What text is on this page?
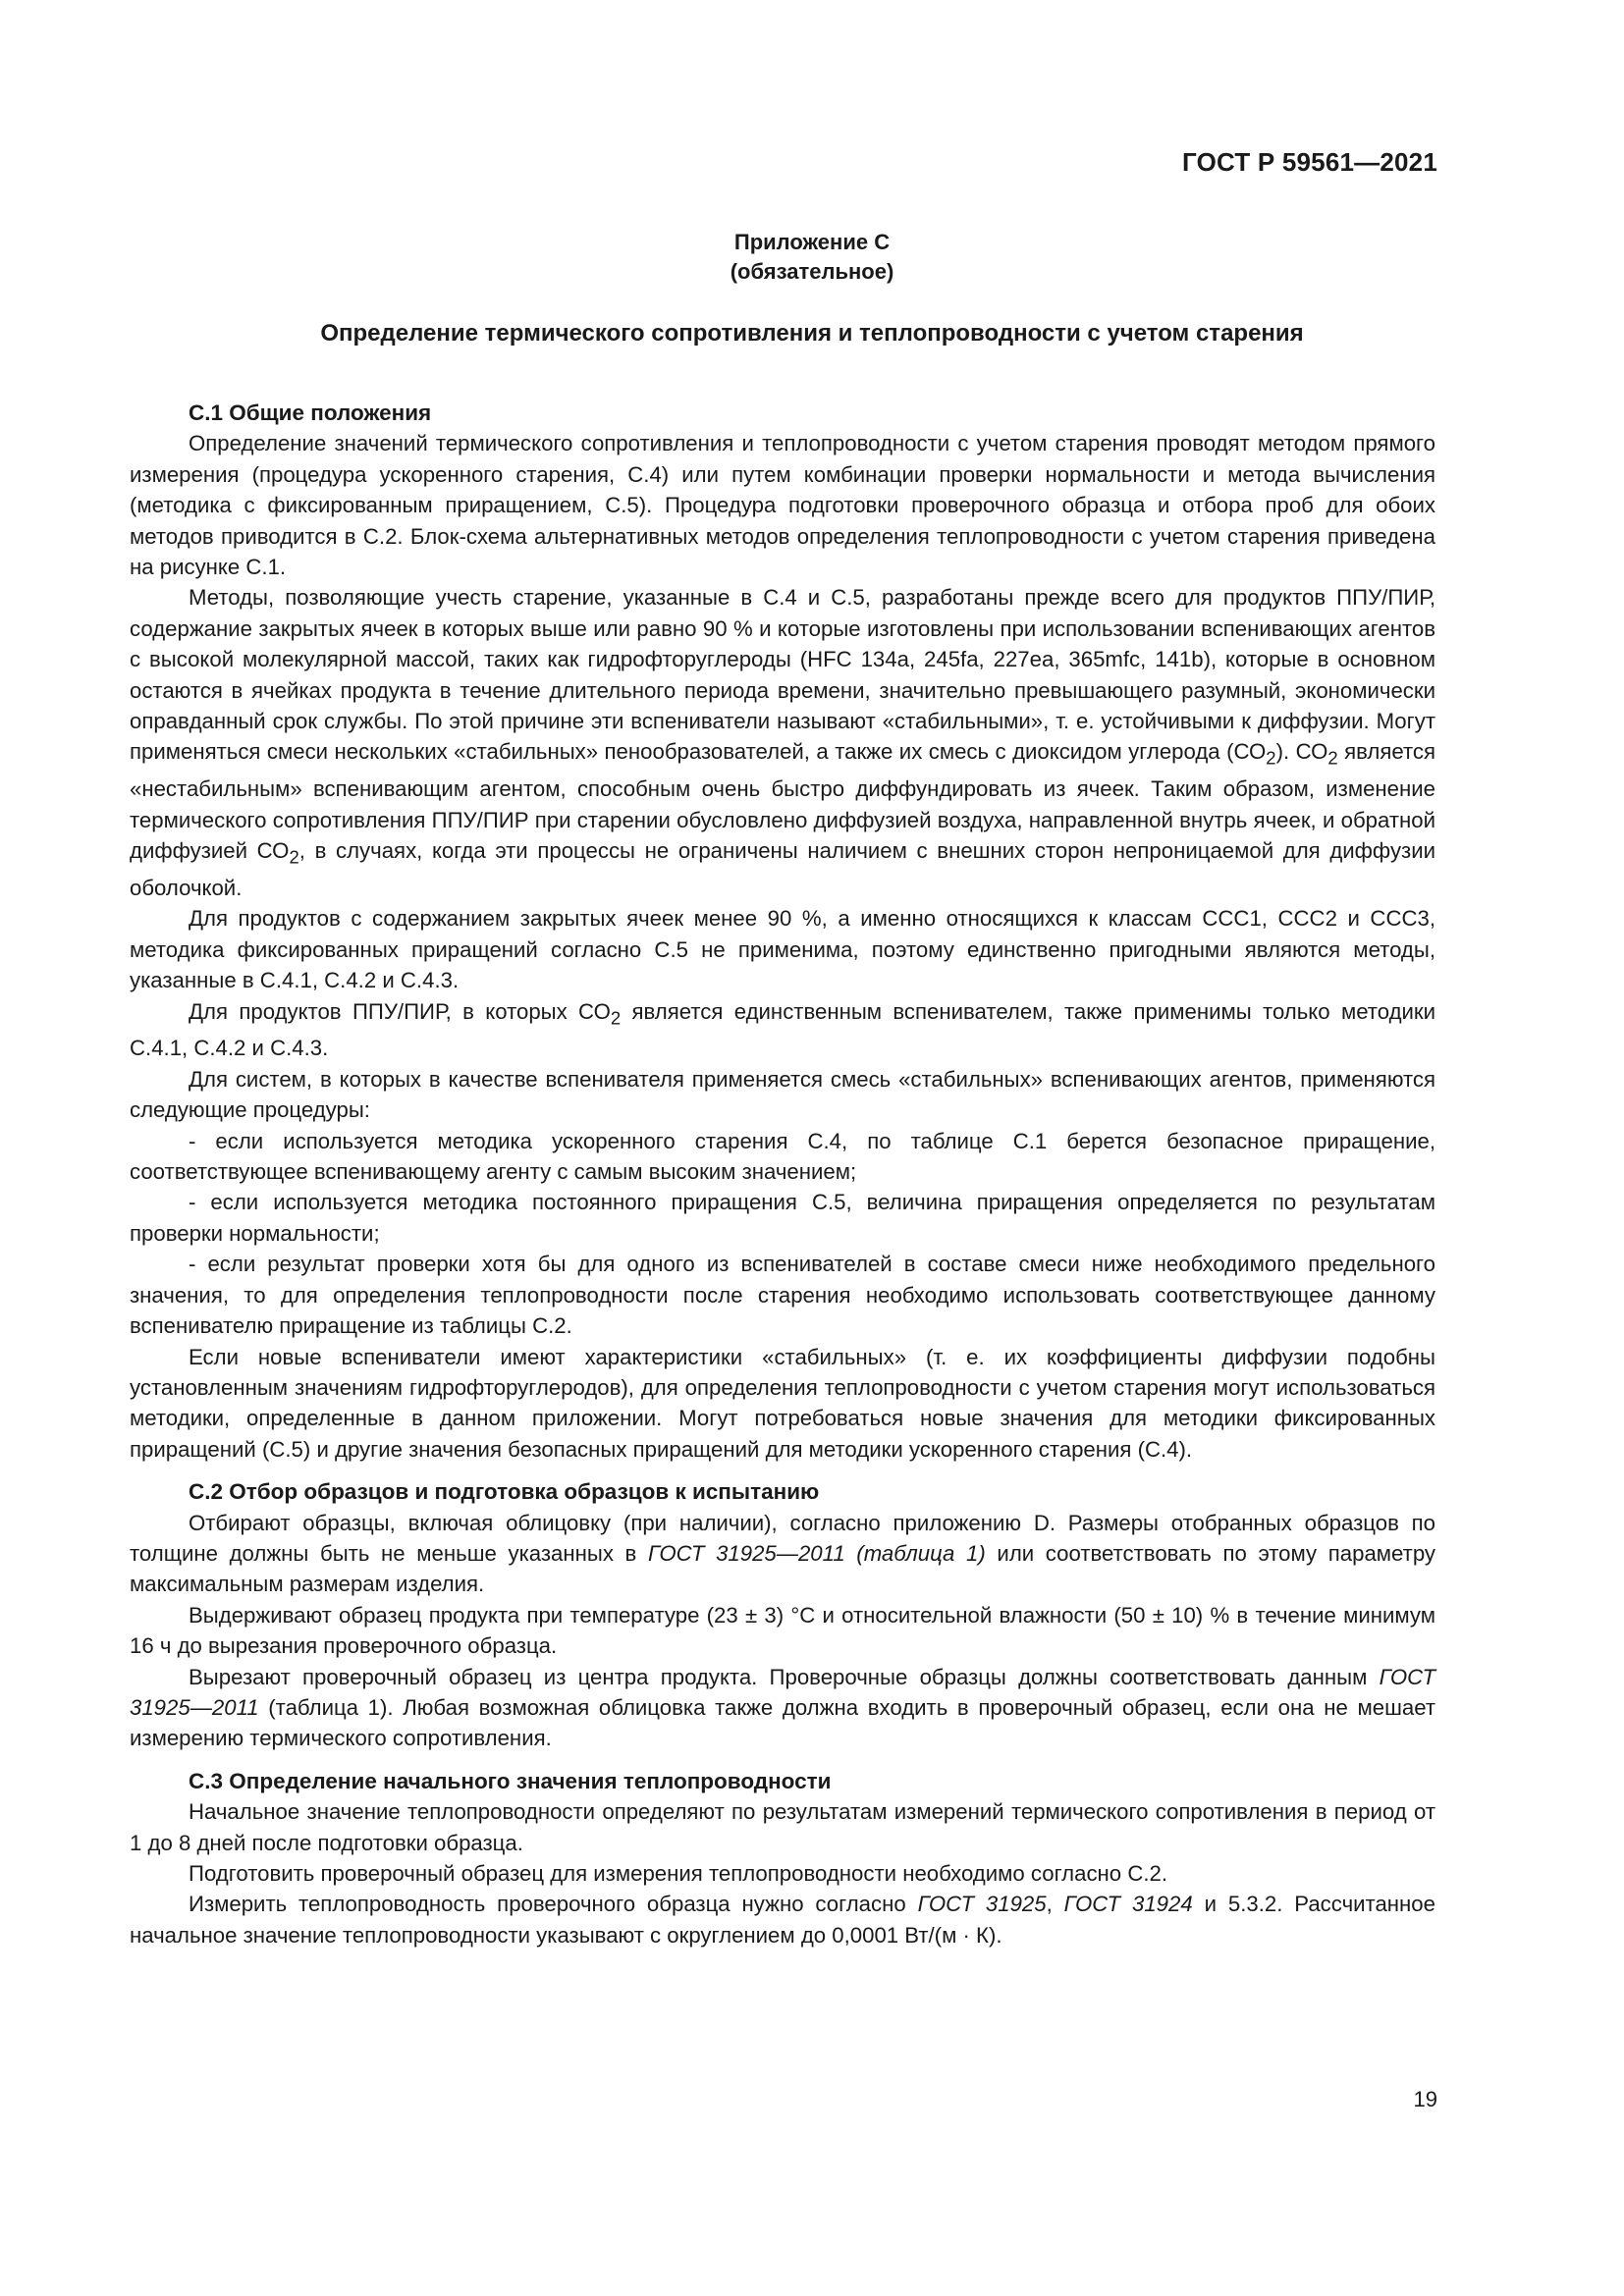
ГОСТ Р 59561—2021
Приложение С
(обязательное)
Определение термического сопротивления и теплопроводности с учетом старения
С.1 Общие положения

Определение значений термического сопротивления и теплопроводности с учетом старения проводят методом прямого измерения (процедура ускоренного старения, С.4) или путем комбинации проверки нормальности и метода вычисления (методика с фиксированным приращением, С.5). Процедура подготовки проверочного образца и отбора проб для обоих методов приводится в С.2. Блок-схема альтернативных методов определения теплопроводности с учетом старения приведена на рисунке С.1.

Методы, позволяющие учесть старение, указанные в С.4 и С.5, разработаны прежде всего для продуктов ППУ/ПИР, содержание закрытых ячеек в которых выше или равно 90 % и которые изготовлены при использовании вспенивающих агентов с высокой молекулярной массой, таких как гидрофторуглероды (HFC 134a, 245fa, 227ea, 365mfc, 141b), которые в основном остаются в ячейках продукта в течение длительного периода времени, значительно превышающего разумный, экономически оправданный срок службы. По этой причине эти вспениватели называют «стабильными», т. е. устойчивыми к диффузии. Могут применяться смеси нескольких «стабильных» пенообразователей, а также их смесь с диоксидом углерода $(СО_2)$. $СО_2$ является «нестабильным» вспенивающим агентом, способным очень быстро диффундировать из ячеек. Таким образом, изменение термического сопротивления ППУ/ПИР при старении обусловлено диффузией воздуха, направленной внутрь ячеек, и обратной диффузией $СО_2$, в случаях, когда эти процессы не ограничены наличием с внешних сторон непроницаемой для диффузии оболочкой.

Для продуктов с содержанием закрытых ячеек менее 90 %, а именно относящихся к классам ССС1, ССС2 и ССС3, методика фиксированных приращений согласно С.5 не применима, поэтому единственно пригодными являются методы, указанные в С.4.1, С.4.2 и С.4.3.

Для продуктов ППУ/ПИР, в которых $СО_2$ является единственным вспенивателем, также применимы только методики С.4.1, С.4.2 и С.4.3.

Для систем, в которых в качестве вспенивателя применяется смесь «стабильных» вспенивающих агентов, применяются следующие процедуры:

- если используется методика ускоренного старения С.4, по таблице С.1 берется безопасное приращение, соответствующее вспенивающему агенту с самым высоким значением;

- если используется методика постоянного приращения С.5, величина приращения определяется по результатам проверки нормальности;

- если результат проверки хотя бы для одного из вспенивателей в составе смеси ниже необходимого предельного значения, то для определения теплопроводности после старения необходимо использовать соответствующее данному вспенивателю приращение из таблицы С.2.

Если новые вспениватели имеют характеристики «стабильных» (т. е. их коэффициенты диффузии подобны установленным значениям гидрофторуглеродов), для определения теплопроводности с учетом старения могут использоваться методики, определенные в данном приложении. Могут потребоваться новые значения для методики фиксированных приращений (С.5) и другие значения безопасных приращений для методики ускоренного старения (С.4).

С.2 Отбор образцов и подготовка образцов к испытанию

Отбирают образцы, включая облицовку (при наличии), согласно приложению D. Размеры отобранных образцов по толщине должны быть не меньше указанных в ГОСТ 31925—2011 (таблица 1) или соответствовать по этому параметру максимальным размерам изделия.

Выдерживают образец продукта при температуре (23 ± 3) °С и относительной влажности (50 ± 10) % в течение минимум 16 ч до вырезания проверочного образца.

Вырезают проверочный образец из центра продукта. Проверочные образцы должны соответствовать данным ГОСТ 31925—2011 (таблица 1). Любая возможная облицовка также должна входить в проверочный образец, если она не мешает измерению термического сопротивления.

С.3 Определение начального значения теплопроводности

Начальное значение теплопроводности определяют по результатам измерений термического сопротивления в период от 1 до 8 дней после подготовки образца.

Подготовить проверочный образец для измерения теплопроводности необходимо согласно С.2.

Измерить теплопроводность проверочного образца нужно согласно ГОСТ 31925, ГОСТ 31924 и 5.3.2. Рассчитанное начальное значение теплопроводности указывают с округлением до 0,0001 Вт/(м · К).

19
